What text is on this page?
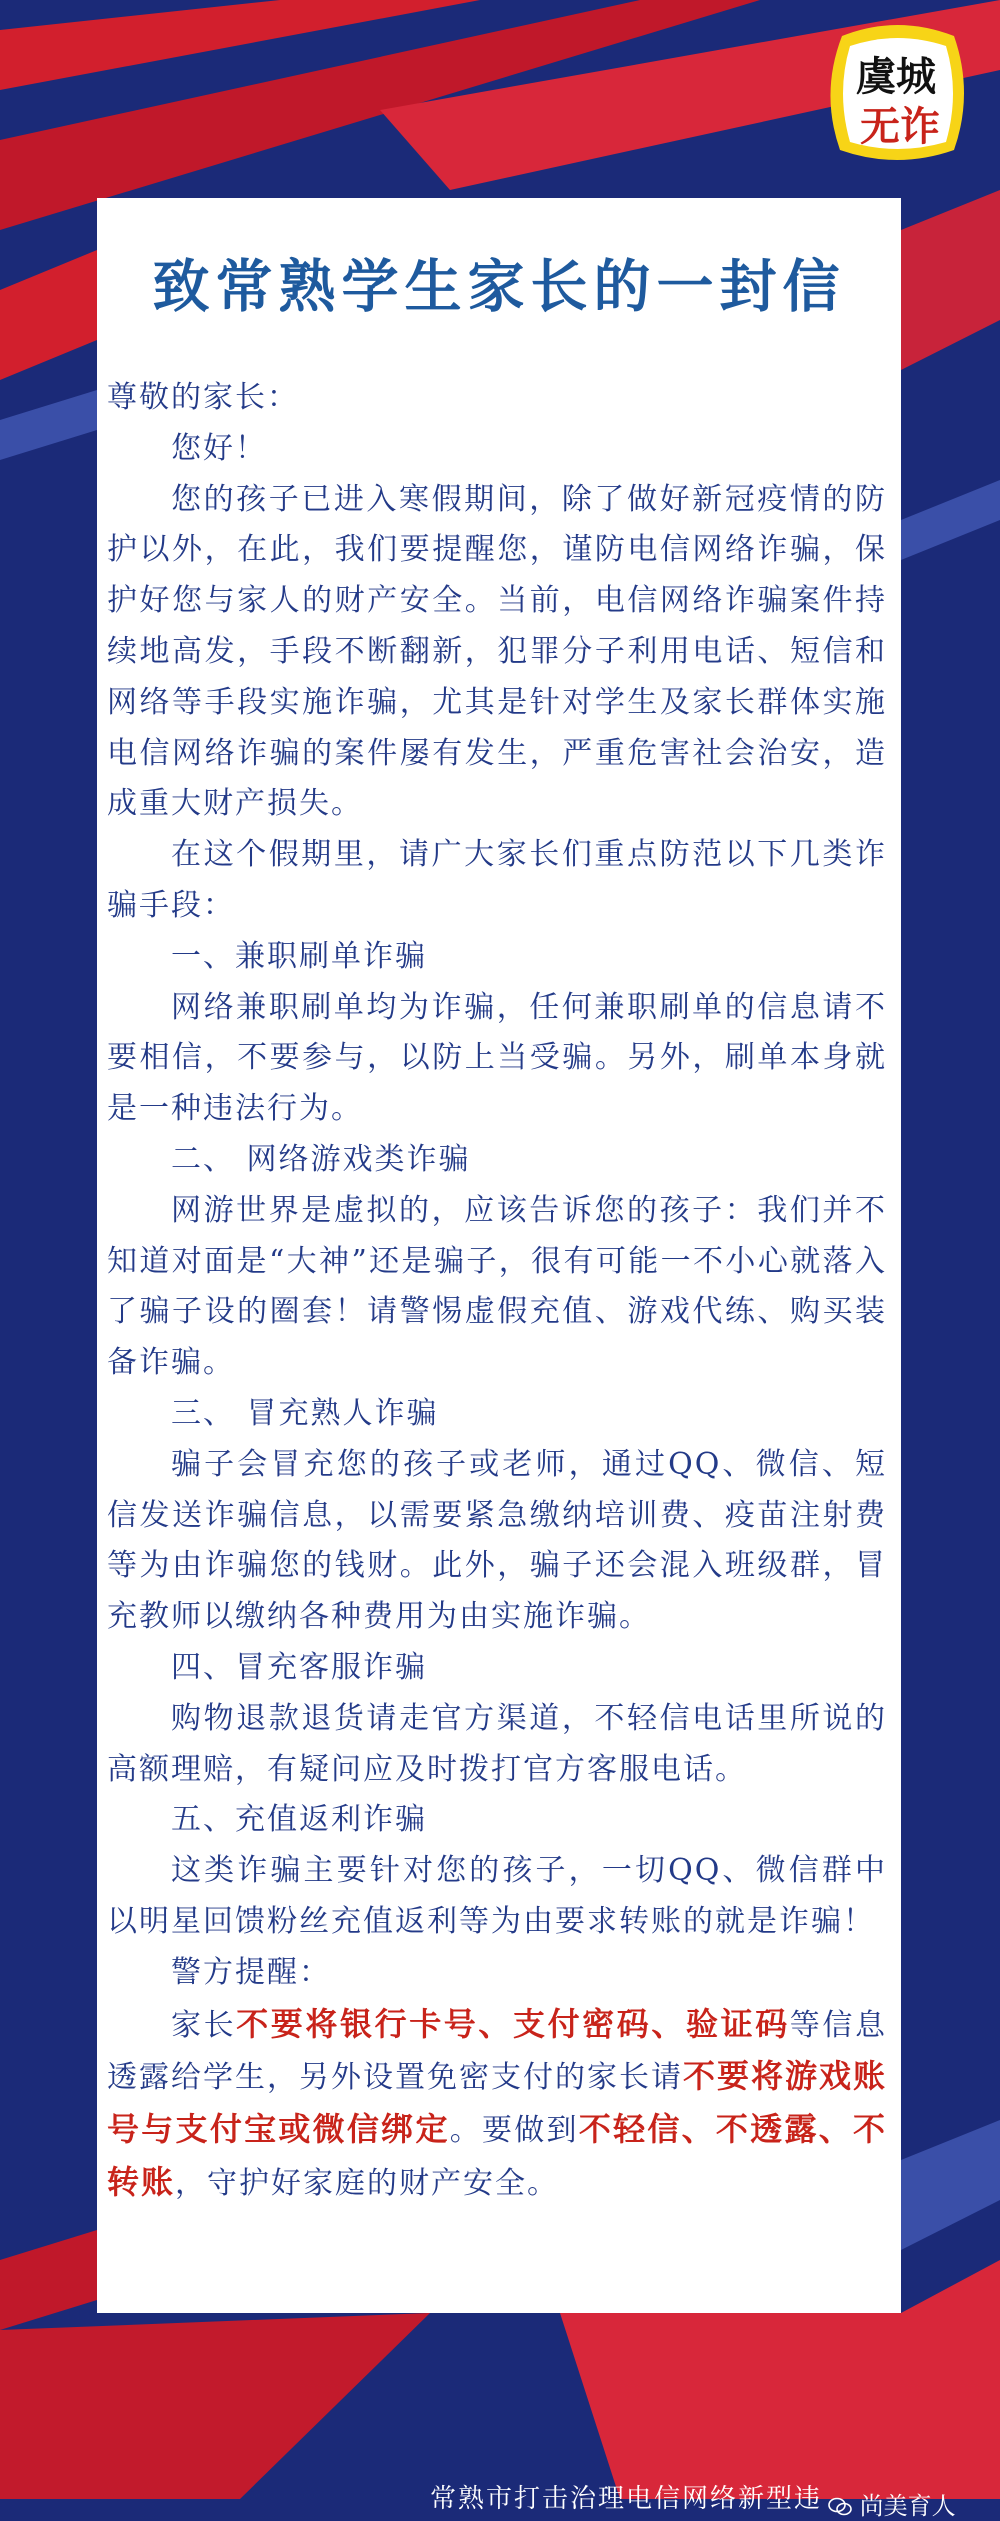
虞城
无诈
致常熟学生家长的一封信

尊敬的家长：

您好！

您的孩子已进入寒假期间，除了做好新冠疫情的防护以外，在此，我们要提醒您，谨防电信网络诈骗，保护好您与家人的财产安全。当前，电信网络诈骗案件持续地高发，手段不断翻新，犯罪分子利用电话、短信和网络等手段实施诈骗，尤其是针对学生及家长群体实施电信网络诈骗的案件屡有发生，严重危害社会治安，造成重大财产损失。

在这个假期里，请广大家长们重点防范以下几类诈骗手段：

一、兼职刷单诈骗

网络兼职刷单均为诈骗，任何兼职刷单的信息请不要相信，不要参与，以防上当受骗。另外，刷单本身就是一种违法行为。

二、 网络游戏类诈骗

网游世界是虚拟的，应该告诉您的孩子：我们并不知道对面是“大神”还是骗子，很有可能一不小心就落入了骗子设的圈套！请警惕虚假充值、游戏代练、购买装备诈骗。

三、 冒充熟人诈骗

骗子会冒充您的孩子或老师，通过QQ、微信、短信发送诈骗信息，以需要紧急缴纳培训费、疫苗注射费等为由诈骗您的钱财。此外，骗子还会混入班级群，冒充教师以缴纳各种费用为由实施诈骗。

四、冒充客服诈骗

购物退款退货请走官方渠道，不轻信电话里所说的高额理赔，有疑问应及时拨打官方客服电话。

五、充值返利诈骗

这类诈骗主要针对您的孩子，一切QQ、微信群中以明星回馈粉丝充值返利等为由要求转账的就是诈骗！

警方提醒：

家长不要将银行卡号、支付密码、验证码等信息透露给学生，另外设置免密支付的家长请不要将游戏账号与支付宝或微信绑定。要做到不轻信、不透露、不转账，守护好家庭的财产安全。

常熟市打击治理电信网络新型违	尚美育人
